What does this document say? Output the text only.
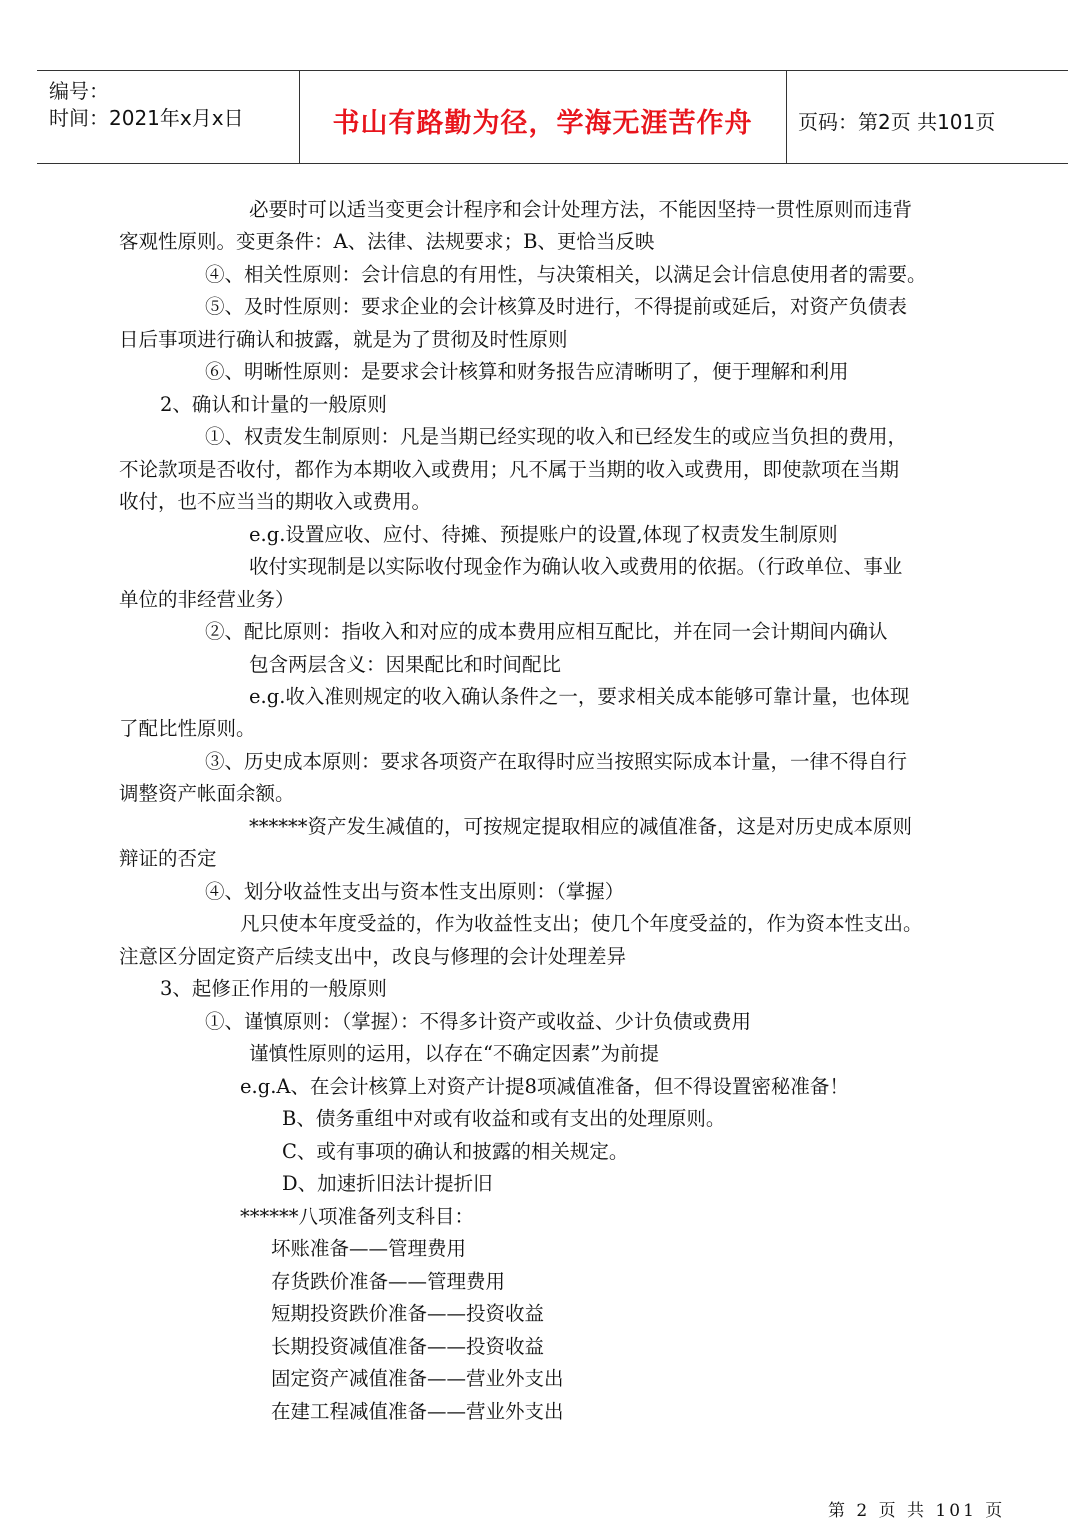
编号：
时间：2021年x月x日	书山有路勤为径，学海无涯苦作舟	页码：第2页 共101页
必要时可以适当变更会计程序和会计处理方法，不能因坚持一贯性原则而违背
客观性原则。变更条件：A、法律、法规要求；B、更恰当反映
④、相关性原则：会计信息的有用性，与决策相关，以满足会计信息使用者的需要。
⑤、及时性原则：要求企业的会计核算及时进行，不得提前或延后，对资产负债表
日后事项进行确认和披露，就是为了贯彻及时性原则
⑥、明晰性原则：是要求会计核算和财务报告应清晰明了，便于理解和利用
2、确认和计量的一般原则
①、权责发生制原则：凡是当期已经实现的收入和已经发生的或应当负担的费用，
不论款项是否收付，都作为本期收入或费用；凡不属于当期的收入或费用，即使款项在当期
收付，也不应当当的期收入或费用。
e.g.设置应收、应付、待摊、预提账户的设置,体现了权责发生制原则
收付实现制是以实际收付现金作为确认收入或费用的依据。（行政单位、事业
单位的非经营业务）
②、配比原则：指收入和对应的成本费用应相互配比，并在同一会计期间内确认
包含两层含义：因果配比和时间配比
e.g.收入准则规定的收入确认条件之一，要求相关成本能够可靠计量，也体现
了配比性原则。
③、历史成本原则：要求各项资产在取得时应当按照实际成本计量，一律不得自行
调整资产帐面余额。
******资产发生减值的，可按规定提取相应的减值准备，这是对历史成本原则
辩证的否定
④、划分收益性支出与资本性支出原则：（掌握）
凡只使本年度受益的，作为收益性支出；使几个年度受益的，作为资本性支出。
注意区分固定资产后续支出中，改良与修理的会计处理差异
3、起修正作用的一般原则
①、谨慎原则：（掌握）：不得多计资产或收益、少计负债或费用
谨慎性原则的运用，以存在“不确定因素”为前提
e.g.A、在会计核算上对资产计提8项减值准备，但不得设置密秘准备！
B、债务重组中对或有收益和或有支出的处理原则。
C、或有事项的确认和披露的相关规定。
D、加速折旧法计提折旧
******八项准备列支科目：
坏账准备——管理费用
存货跌价准备——管理费用
短期投资跌价准备——投资收益
长期投资减值准备——投资收益
固定资产减值准备——营业外支出
在建工程减值准备——营业外支出
第 2 页 共 101 页
